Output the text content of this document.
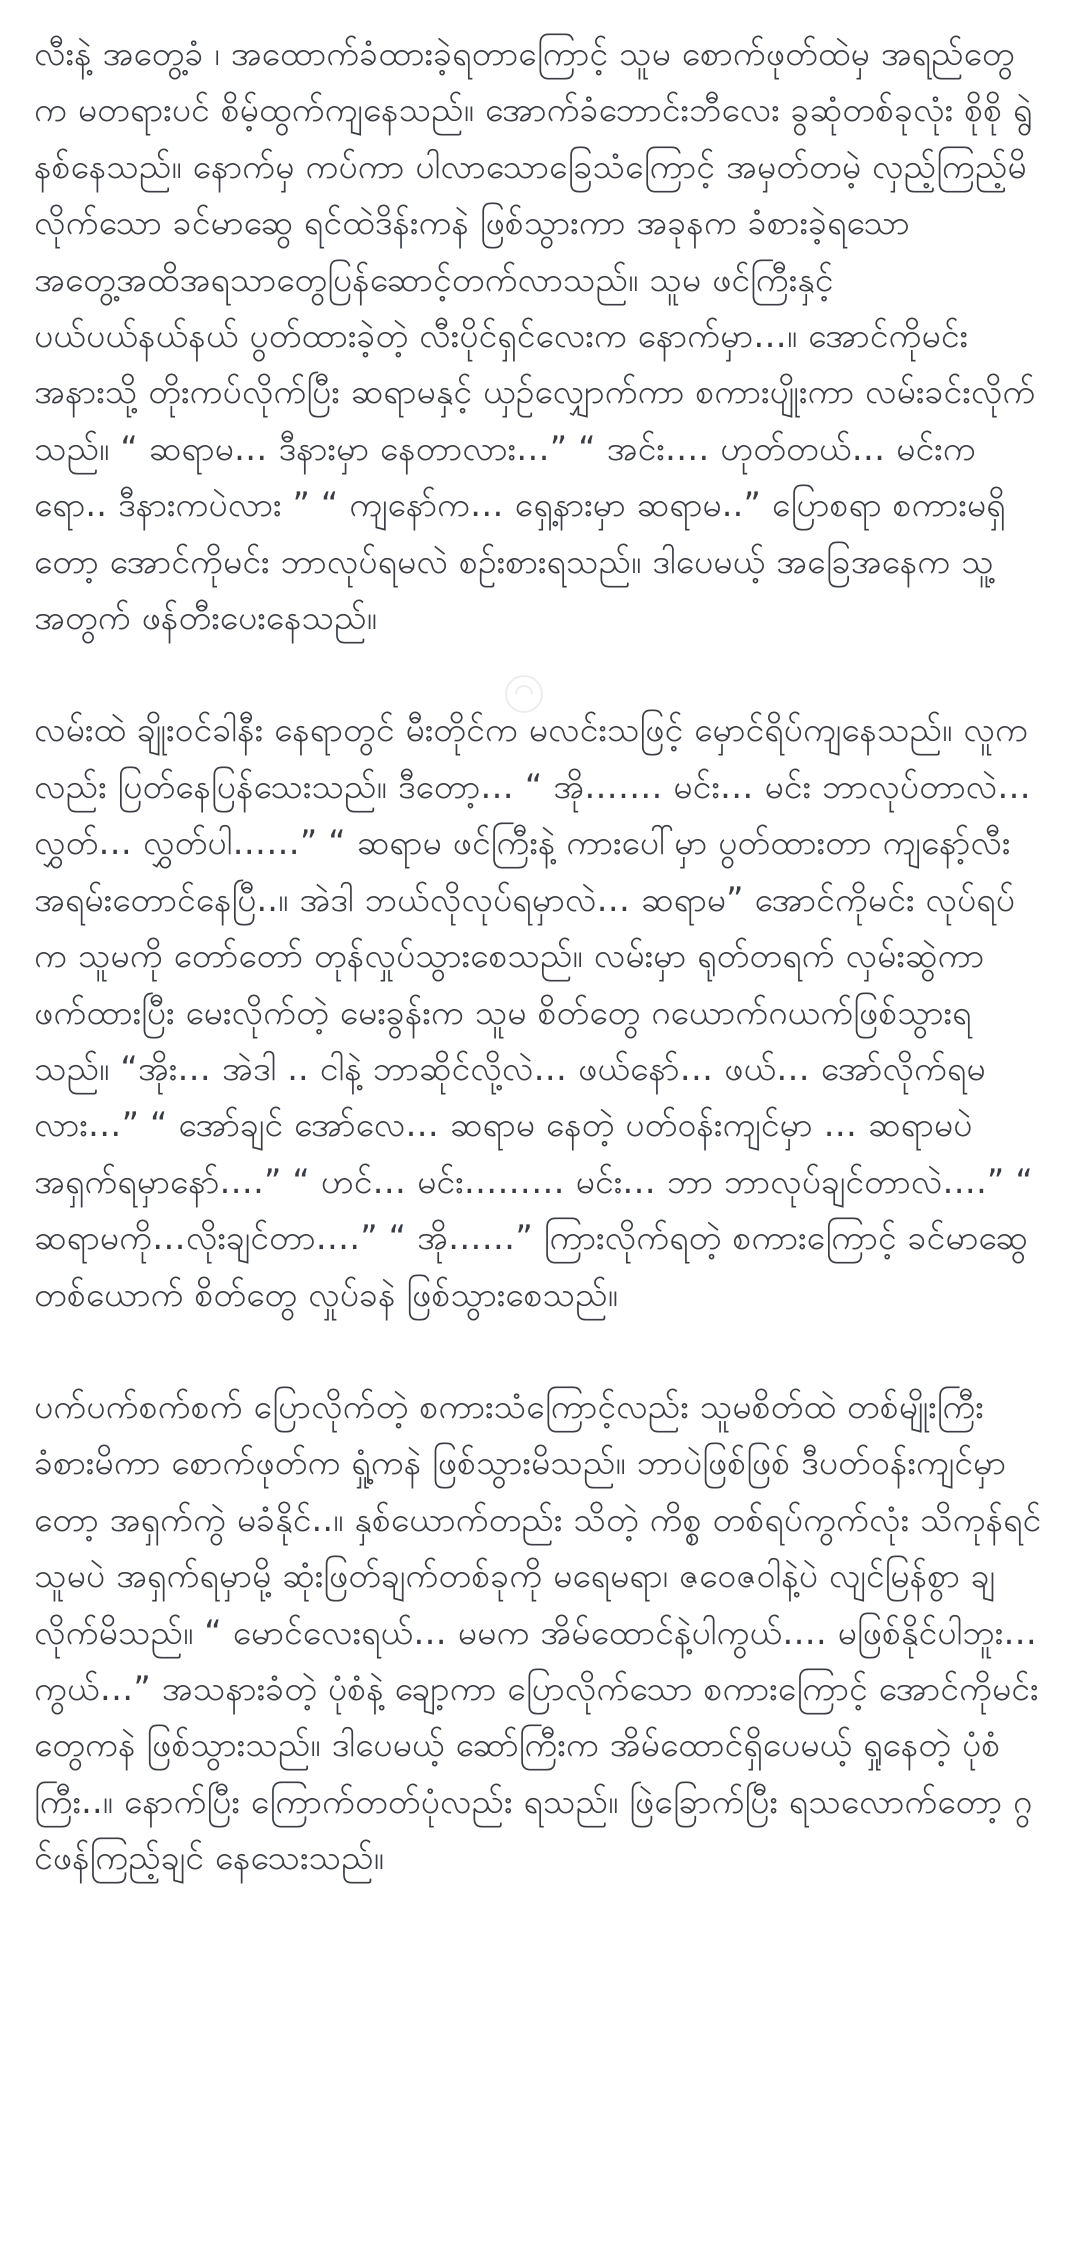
လီးနဲ့ အတွေ့ခံ ၊ အထောက်ခံထားခဲ့ရတာကြောင့် သူမ စောက်ဖုတ်ထဲမှ အရည်တွေက မတရားပင် စိမ့်ထွက်ကျနေသည်။ အောက်ခံဘောင်းဘီလေး ခွဆုံတစ်ခုလုံး စိုစို ရွဲနစ်နေသည်။ နောက်မှ ကပ်ကာ ပါလာသောခြေသံကြောင့် အမှတ်တမဲ့ လှည့်ကြည့်မိလိုက်သော ခင်မာဆွေ ရင်ထဲဒိန်းကနဲ ဖြစ်သွားကာ အခုနက ခံစားခဲ့ရသော အတွေ့အထိအရသာတွေပြန်ဆောင့်တက်လာသည်။ သူမ ဖင်ကြီးနှင့် ပယ်ပယ်နယ်နယ် ပွတ်ထားခဲ့တဲ့ လီးပိုင်ရှင်လေးက နောက်မှာ…။ အောင်ကိုမင်း အနားသို့ တိုးကပ်လိုက်ပြီး ဆရာမနှင့် ယှဉ်လျှောက်ကာ စကားပျိုးကာ လမ်းခင်းလိုက်သည်။ “ ဆရာမ… ဒီနားမှာ နေတာလား…” “ အင်း…. ဟုတ်တယ်… မင်းကရော.. ဒီနားကပဲလား ” “ ကျနော်က… ရှေ့နားမှာ ဆရာမ..” ပြောစရာ စကားမရှိတော့ အောင်ကိုမင်း ဘာလုပ်ရမလဲ စဉ်းစားရသည်။ ဒါပေမယ့် အခြေအနေက သူ့အတွက် ဖန်တီးပေးနေသည်။

လမ်းထဲ ချိုးဝင်ခါနီး နေရာတွင် မီးတိုင်က မလင်းသဖြင့် မှောင်ရိပ်ကျနေသည်။ လူကလည်း ပြတ်နေပြန်သေးသည်။ ဒီတော့… “ အို……. မင်း… မင်း ဘာလုပ်တာလဲ… လွှတ်… လွှတ်ပါ……” “ ဆရာမ ဖင်ကြီးနဲ့ ကားပေါ်မှာ ပွတ်ထားတာ ကျနော့်လီး အရမ်းတောင်နေပြီ..။ အဲဒါ ဘယ်လိုလုပ်ရမှာလဲ… ဆရာမ” အောင်ကိုမင်း လုပ်ရပ်က သူမကို တော်တော် တုန်လှုပ်သွားစေသည်။ လမ်းမှာ ရုတ်တရက် လှမ်းဆွဲကာ ဖက်ထားပြီး မေးလိုက်တဲ့ မေးခွန်းက သူမ စိတ်တွေ ဂယောက်ဂယက်ဖြစ်သွားရသည်။ “အိုး… အဲဒါ .. ငါနဲ့ ဘာဆိုင်လို့လဲ… ဖယ်နော်… ဖယ်… အော်လိုက်ရမလား…” “ အော်ချင် အော်လေ… ဆရာမ နေတဲ့ ပတ်ဝန်းကျင်မှာ … ဆရာမပဲ အရှက်ရမှာနော်….” “ ဟင်… မင်း……… မင်း… ဘာ ဘာလုပ်ချင်တာလဲ….” “ ဆရာမကို…လိုးချင်တာ….” “ အို……” ကြားလိုက်ရတဲ့ စကားကြောင့် ခင်မာဆွေတစ်ယောက် စိတ်တွေ လှုပ်ခနဲ ဖြစ်သွားစေသည်။

ပက်ပက်စက်စက် ပြောလိုက်တဲ့ စကားသံကြောင့်လည်း သူမစိတ်ထဲ တစ်မျိုးကြီး ခံစားမိကာ စောက်ဖုတ်က ရှုံ့ကနဲ ဖြစ်သွားမိသည်။ ဘာပဲဖြစ်ဖြစ် ဒီပတ်ဝန်းကျင်မှာတော့ အရှက်ကွဲ မခံနိုင်..။ နှစ်ယောက်တည်း သိတဲ့ ကိစ္စ တစ်ရပ်ကွက်လုံး သိကုန်ရင် သူမပဲ အရှက်ရမှာမို့ ဆုံးဖြတ်ချက်တစ်ခုကို မရေမရာ၊ ဇဝေဇဝါနဲ့ပဲ လျင်မြန်စွာ ချလိုက်မိသည်။ “ မောင်လေးရယ်… မမက အိမ်ထောင်နဲ့ပါကွယ်…. မဖြစ်နိုင်ပါဘူး… ကွယ်…” အသနားခံတဲ့ ပုံစံနဲ့ ချော့ကာ ပြောလိုက်သော စကားကြောင့် အောင်ကိုမင်း တွေကနဲ ဖြစ်သွားသည်။ ဒါပေမယ့် ဆော်ကြီးက အိမ်ထောင်ရှိပေမယ့် ရှုနေတဲ့ ပုံစံကြီး..။ နောက်ပြီး ကြောက်တတ်ပုံလည်း ရသည်။ ဖြဲခြောက်ပြီး ရသလောက်တော့ ဂွင်ဖန်ကြည့်ချင် နေသေးသည်။
